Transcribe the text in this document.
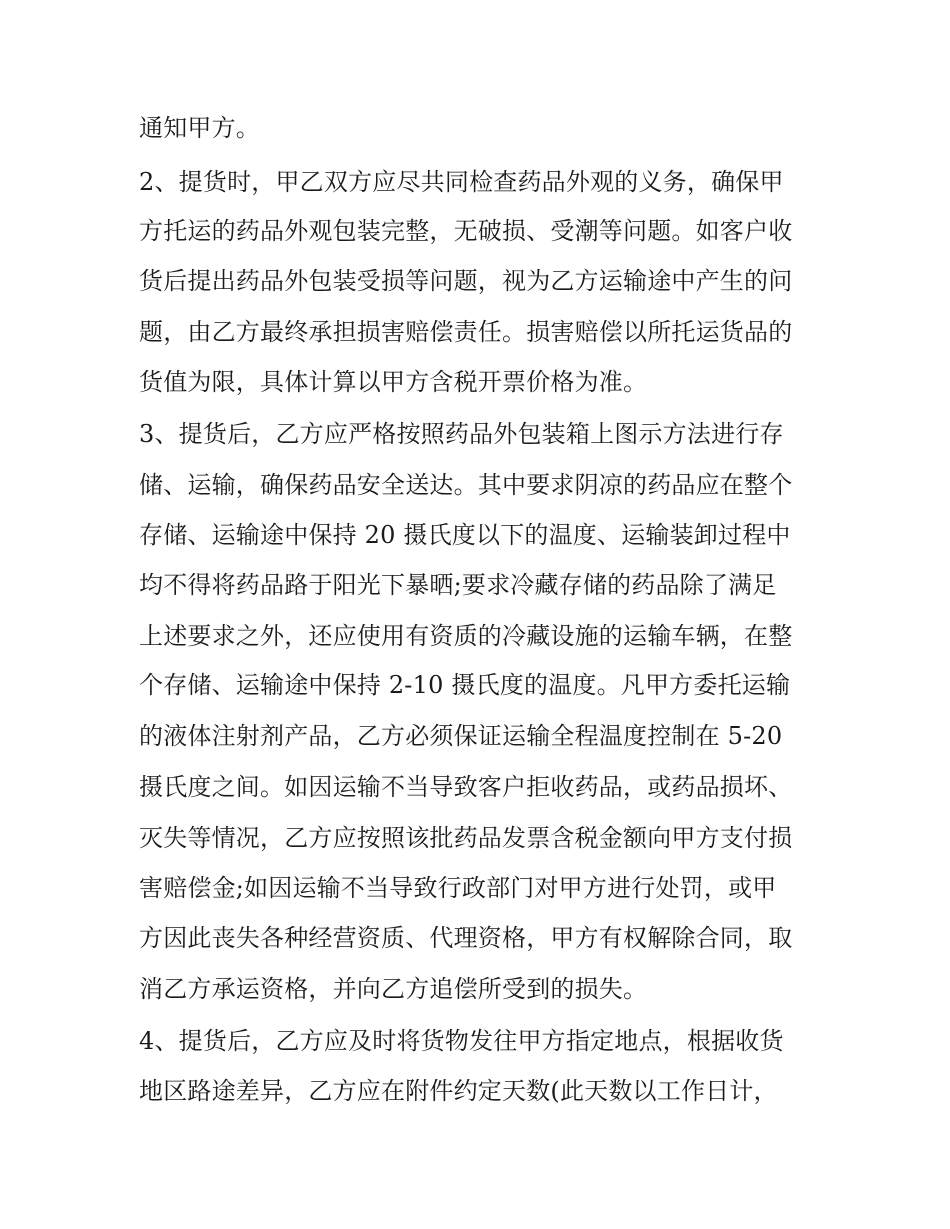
通知甲方。
2、提货时，甲乙双方应尽共同检查药品外观的义务，确保甲
方托运的药品外观包装完整，无破损、受潮等问题。如客户收
货后提出药品外包装受损等问题，视为乙方运输途中产生的问
题，由乙方最终承担损害赔偿责任。损害赔偿以所托运货品的
货值为限，具体计算以甲方含税开票价格为准。
3、提货后，乙方应严格按照药品外包装箱上图示方法进行存
储、运输，确保药品安全送达。其中要求阴凉的药品应在整个
存储、运输途中保持 20 摄氏度以下的温度、运输装卸过程中
均不得将药品路于阳光下暴晒;要求冷藏存储的药品除了满足
上述要求之外，还应使用有资质的冷藏设施的运输车辆，在整
个存储、运输途中保持 2-10 摄氏度的温度。凡甲方委托运输
的液体注射剂产品，乙方必须保证运输全程温度控制在 5-20
摄氏度之间。如因运输不当导致客户拒收药品，或药品损坏、
灭失等情况，乙方应按照该批药品发票含税金额向甲方支付损
害赔偿金;如因运输不当导致行政部门对甲方进行处罚，或甲
方因此丧失各种经营资质、代理资格，甲方有权解除合同，取
消乙方承运资格，并向乙方追偿所受到的损失。
4、提货后，乙方应及时将货物发往甲方指定地点，根据收货
地区路途差异，乙方应在附件约定天数(此天数以工作日计，
